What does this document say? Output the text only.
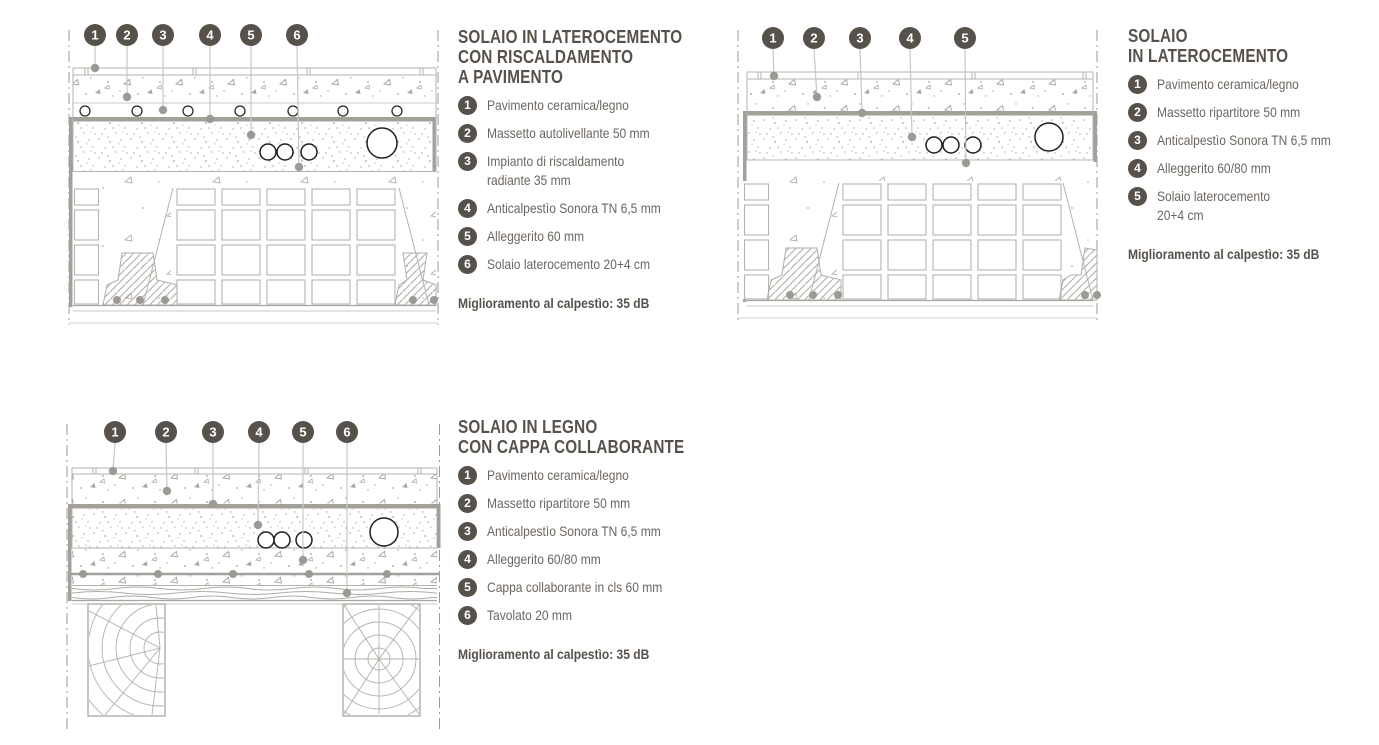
1 2 3	4	5	6	SOLAIO IN LATEROCEMENTO
CON RISCALDAMENTO
A PAVIMENTO
1	Pavimento ceramica/legno
2	Massetto autolivellante 50 mm
3	Impianto di riscaldamento
radiante 35 mm
4	Anticalpestìo Sonora TN 6,5 mm
5	Alleggerito 60 mm
6	Solaio laterocemento 20+4 cm
Miglioramento al calpestìo: 35 dB
1	2	3	4	5	SOLAIO
IN LATEROCEMENTO
1	Pavimento ceramica/legno
2	Massetto ripartitore 50 mm
3	Anticalpestìo Sonora TN 6,5 mm
4	Alleggerito 60/80 mm
5	Solaio laterocemento
20+4 cm
Miglioramento al calpestìo: 35 dB
1	2	3	4	5	6	SOLAIO IN LEGNO
CON CAPPA COLLABORANTE
1	Pavimento ceramica/legno
2	Massetto ripartitore 50 mm
3	Anticalpestìo Sonora TN 6,5 mm
4	Alleggerito 60/80 mm
5	Cappa collaborante in cls 60 mm
6	Tavolato 20 mm
Miglioramento al calpestìo: 35 dB
